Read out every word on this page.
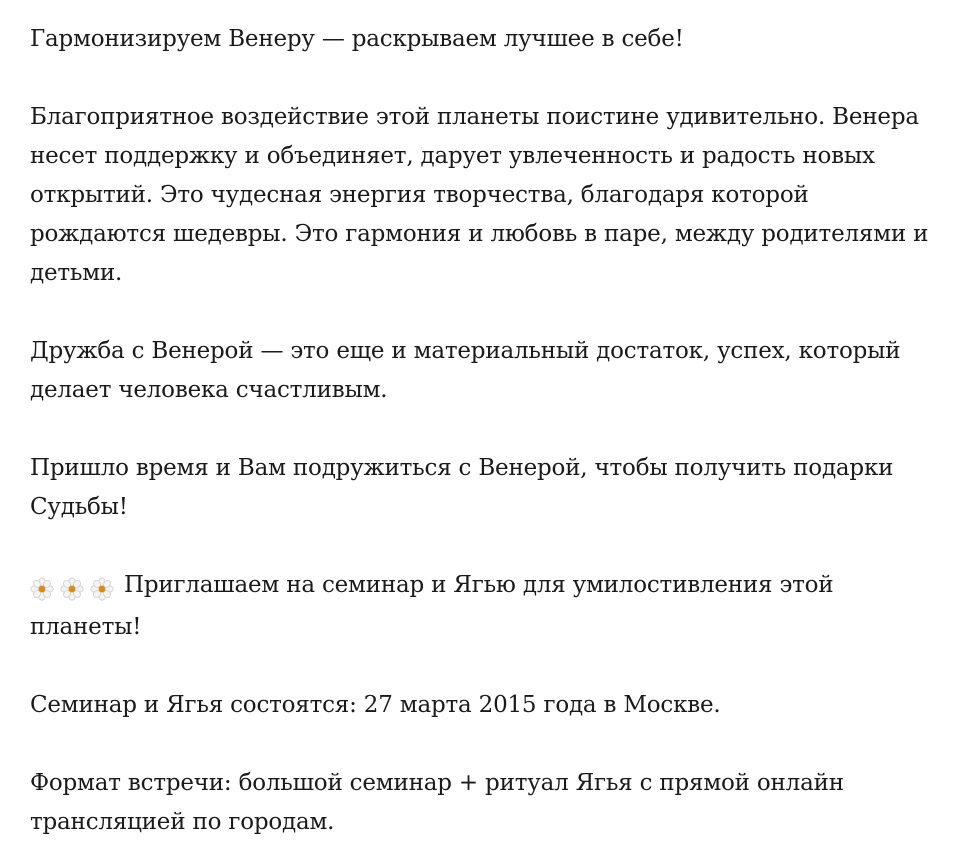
Гармонизируем Венеру — раскрываем лучшее в себе!

Благоприятное воздействие этой планеты поистине удивительно. Венера несет поддержку и объединяет, дарует увлеченность и радость новых открытий. Это чудесная энергия творчества, благодаря которой рождаются шедевры. Это гармония и любовь в паре, между родителями и детьми.

Дружба с Венерой — это еще и материальный достаток, успех, который делает человека счастливым.

Пришло время и Вам подружиться с Венерой, чтобы получить подарки Судьбы!

Приглашаем на семинар и Ягью для умилостивления этой планеты!

Семинар и Ягья состоятся: 27 марта 2015 года в Москве.

Формат встречи: большой семинар + ритуал Ягья с прямой онлайн трансляцией по городам.
